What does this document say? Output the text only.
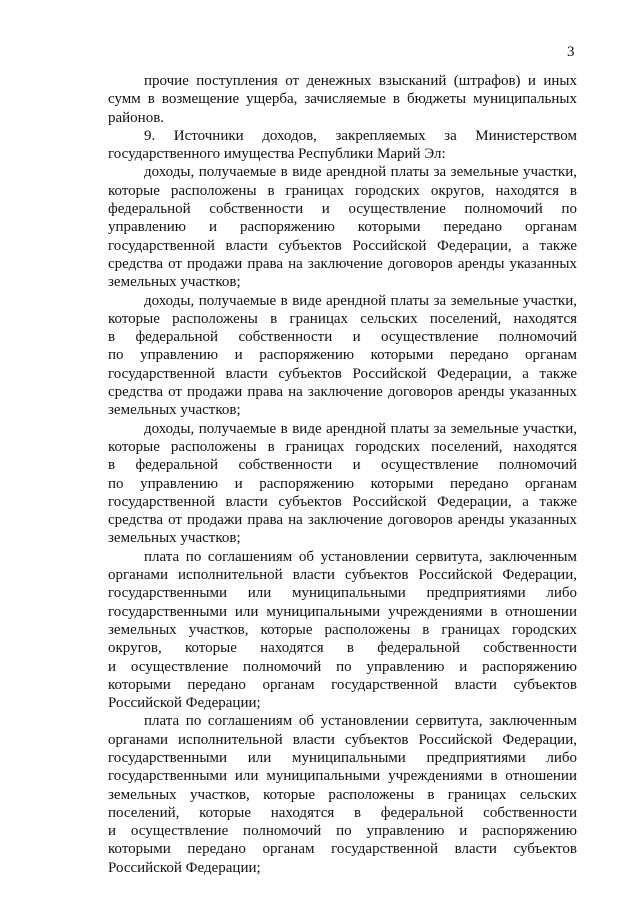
3
прочие поступления от денежных взысканий (штрафов) и иных
сумм в возмещение ущерба, зачисляемые в бюджеты муниципальных
районов.
9. Источники доходов, закрепляемых за Министерством
государственного имущества Республики Марий Эл:
доходы, получаемые в виде арендной платы за земельные участки,
которые расположены в границах городских округов, находятся в
федеральной собственности и осуществление полномочий по
управлению и распоряжению которыми передано органам
государственной власти субъектов Российской Федерации, а также
средства от продажи права на заключение договоров аренды указанных
земельных участков;
доходы, получаемые в виде арендной платы за земельные участки,
которые расположены в границах сельских поселений, находятся
в федеральной собственности и осуществление полномочий
по управлению и распоряжению которыми передано органам
государственной власти субъектов Российской Федерации, а также
средства от продажи права на заключение договоров аренды указанных
земельных участков;
доходы, получаемые в виде арендной платы за земельные участки,
которые расположены в границах городских поселений, находятся
в федеральной собственности и осуществление полномочий
по управлению и распоряжению которыми передано органам
государственной власти субъектов Российской Федерации, а также
средства от продажи права на заключение договоров аренды указанных
земельных участков;
плата по соглашениям об установлении сервитута, заключенным
органами исполнительной власти субъектов Российской Федерации,
государственными или муниципальными предприятиями либо
государственными или муниципальными учреждениями в отношении
земельных участков, которые расположены в границах городских
округов, которые находятся в федеральной собственности
и осуществление полномочий по управлению и распоряжению
которыми передано органам государственной власти субъектов
Российской Федерации;
плата по соглашениям об установлении сервитута, заключенным
органами исполнительной власти субъектов Российской Федерации,
государственными или муниципальными предприятиями либо
государственными или муниципальными учреждениями в отношении
земельных участков, которые расположены в границах сельских
поселений, которые находятся в федеральной собственности
и осуществление полномочий по управлению и распоряжению
которыми передано органам государственной власти субъектов
Российской Федерации;
